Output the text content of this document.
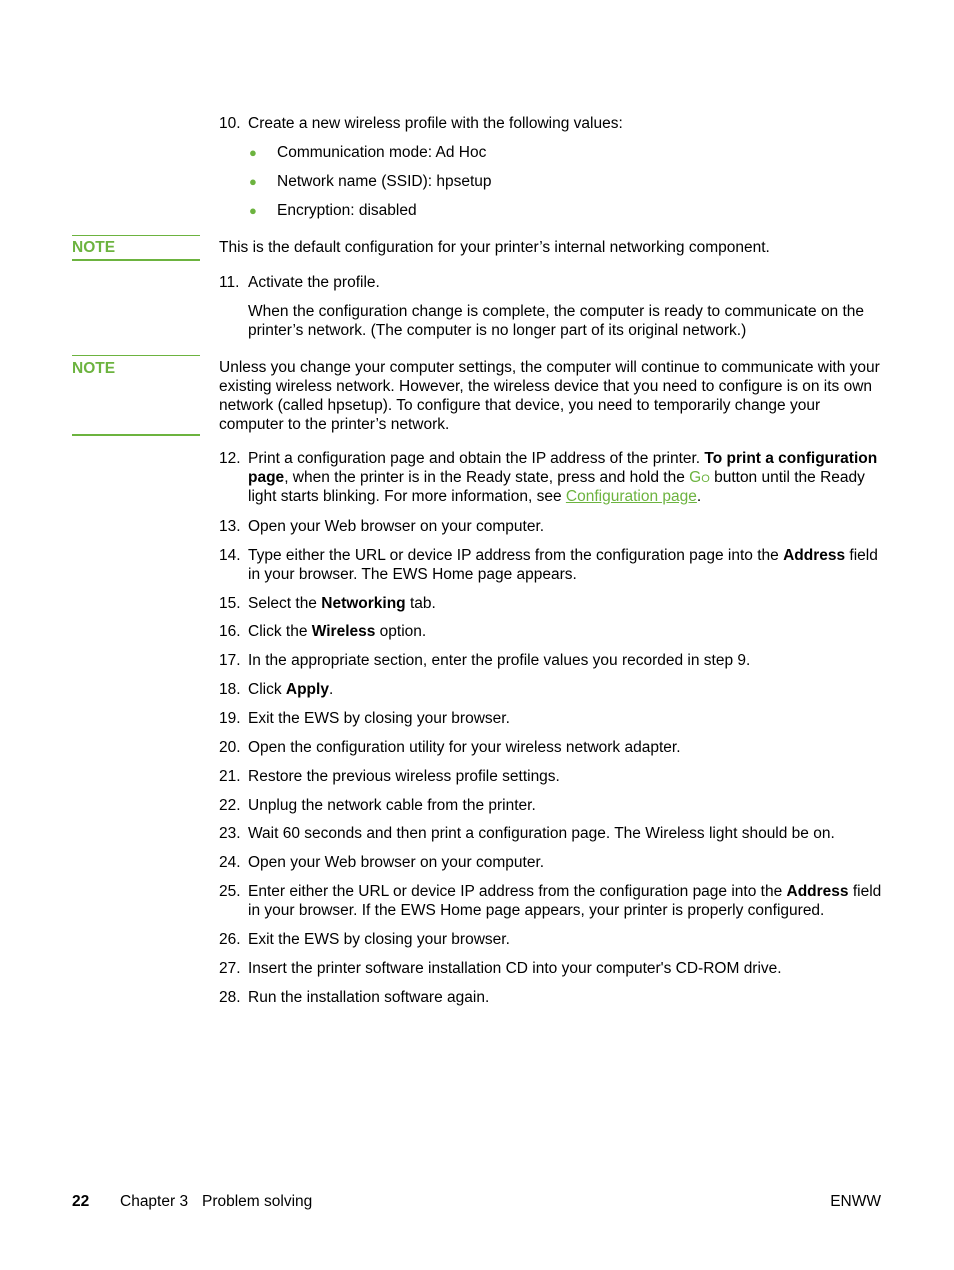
10. Create a new wireless profile with the following values:
● Communication mode: Ad Hoc
● Network name (SSID): hpsetup
● Encryption: disabled
NOTE	This is the default configuration for your printer’s internal networking component.
11. Activate the profile.
When the configuration change is complete, the computer is ready to communicate on the printer’s network. (The computer is no longer part of its original network.)
NOTE	Unless you change your computer settings, the computer will continue to communicate with your existing wireless network. However, the wireless device that you need to configure is on its own network (called hpsetup). To configure that device, you need to temporarily change your computer to the printer’s network.
12. Print a configuration page and obtain the IP address of the printer. To print a configuration page, when the printer is in the Ready state, press and hold the Go button until the Ready light starts blinking. For more information, see Configuration page.
13. Open your Web browser on your computer.
14. Type either the URL or device IP address from the configuration page into the Address field in your browser. The EWS Home page appears.
15. Select the Networking tab.
16. Click the Wireless option.
17. In the appropriate section, enter the profile values you recorded in step 9.
18. Click Apply.
19. Exit the EWS by closing your browser.
20. Open the configuration utility for your wireless network adapter.
21. Restore the previous wireless profile settings.
22. Unplug the network cable from the printer.
23. Wait 60 seconds and then print a configuration page. The Wireless light should be on.
24. Open your Web browser on your computer.
25. Enter either the URL or device IP address from the configuration page into the Address field in your browser. If the EWS Home page appears, your printer is properly configured.
26. Exit the EWS by closing your browser.
27. Insert the printer software installation CD into your computer's CD-ROM drive.
28. Run the installation software again.
22 Chapter 3 Problem solving	ENWW
